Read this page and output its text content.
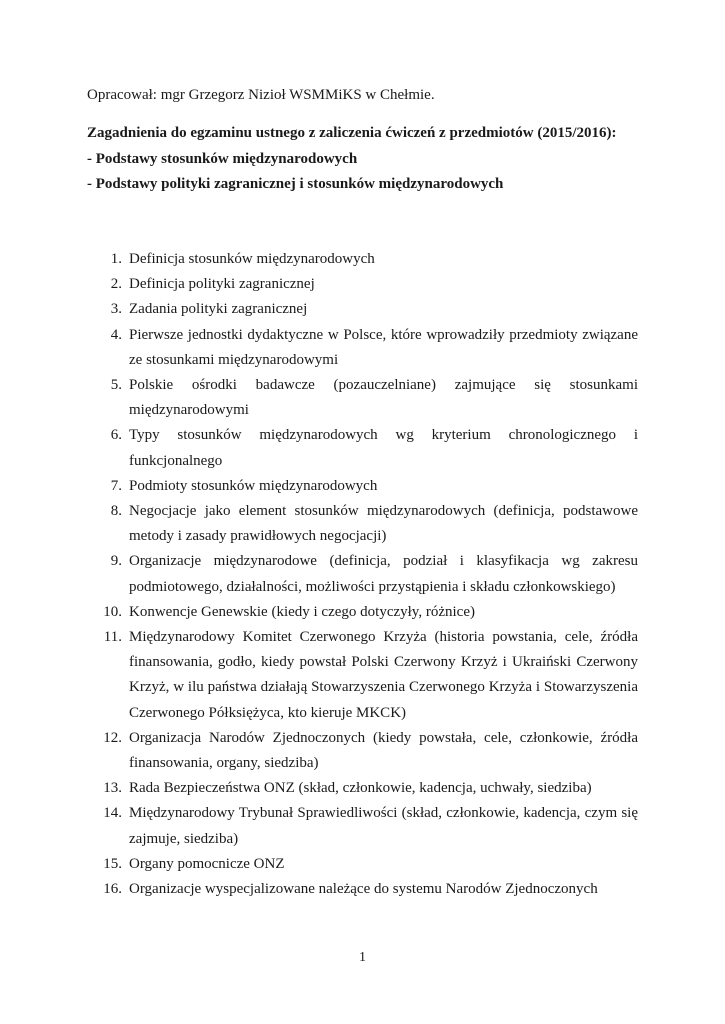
Opracował: mgr Grzegorz Nizioł WSMMiKS w Chełmie.
Zagadnienia do egzaminu ustnego z zaliczenia ćwiczeń z przedmiotów (2015/2016):
- Podstawy stosunków międzynarodowych
- Podstawy polityki zagranicznej i stosunków międzynarodowych
1. Definicja stosunków międzynarodowych
2. Definicja polityki zagranicznej
3. Zadania polityki zagranicznej
4. Pierwsze jednostki dydaktyczne w Polsce, które wprowadziły przedmioty związane ze stosunkami międzynarodowymi
5. Polskie ośrodki badawcze (pozauczelniane) zajmujące się stosunkami międzynarodowymi
6. Typy stosunków międzynarodowych wg kryterium chronologicznego i funkcjonalnego
7. Podmioty stosunków międzynarodowych
8. Negocjacje jako element stosunków międzynarodowych (definicja, podstawowe metody i zasady prawidłowych negocjacji)
9. Organizacje międzynarodowe (definicja, podział i klasyfikacja wg zakresu podmiotowego, działalności, możliwości przystąpienia i składu członkowskiego)
10. Konwencje Genewskie (kiedy i czego dotyczyły, różnice)
11. Międzynarodowy Komitet Czerwonego Krzyża (historia powstania, cele, źródła finansowania, godło, kiedy powstał Polski Czerwony Krzyż i Ukraiński Czerwony Krzyż, w ilu państwa działają Stowarzyszenia Czerwonego Krzyża i Stowarzyszenia Czerwonego Półksiężyca, kto kieruje MKCK)
12. Organizacja Narodów Zjednoczonych (kiedy powstała, cele, członkowie, źródła finansowania, organy, siedziba)
13. Rada Bezpieczeństwa ONZ (skład, członkowie, kadencja, uchwały, siedziba)
14. Międzynarodowy Trybunał Sprawiedliwości (skład, członkowie, kadencja, czym się zajmuje, siedziba)
15. Organy pomocnicze ONZ
16. Organizacje wyspecjalizowane należące do systemu Narodów Zjednoczonych
1
